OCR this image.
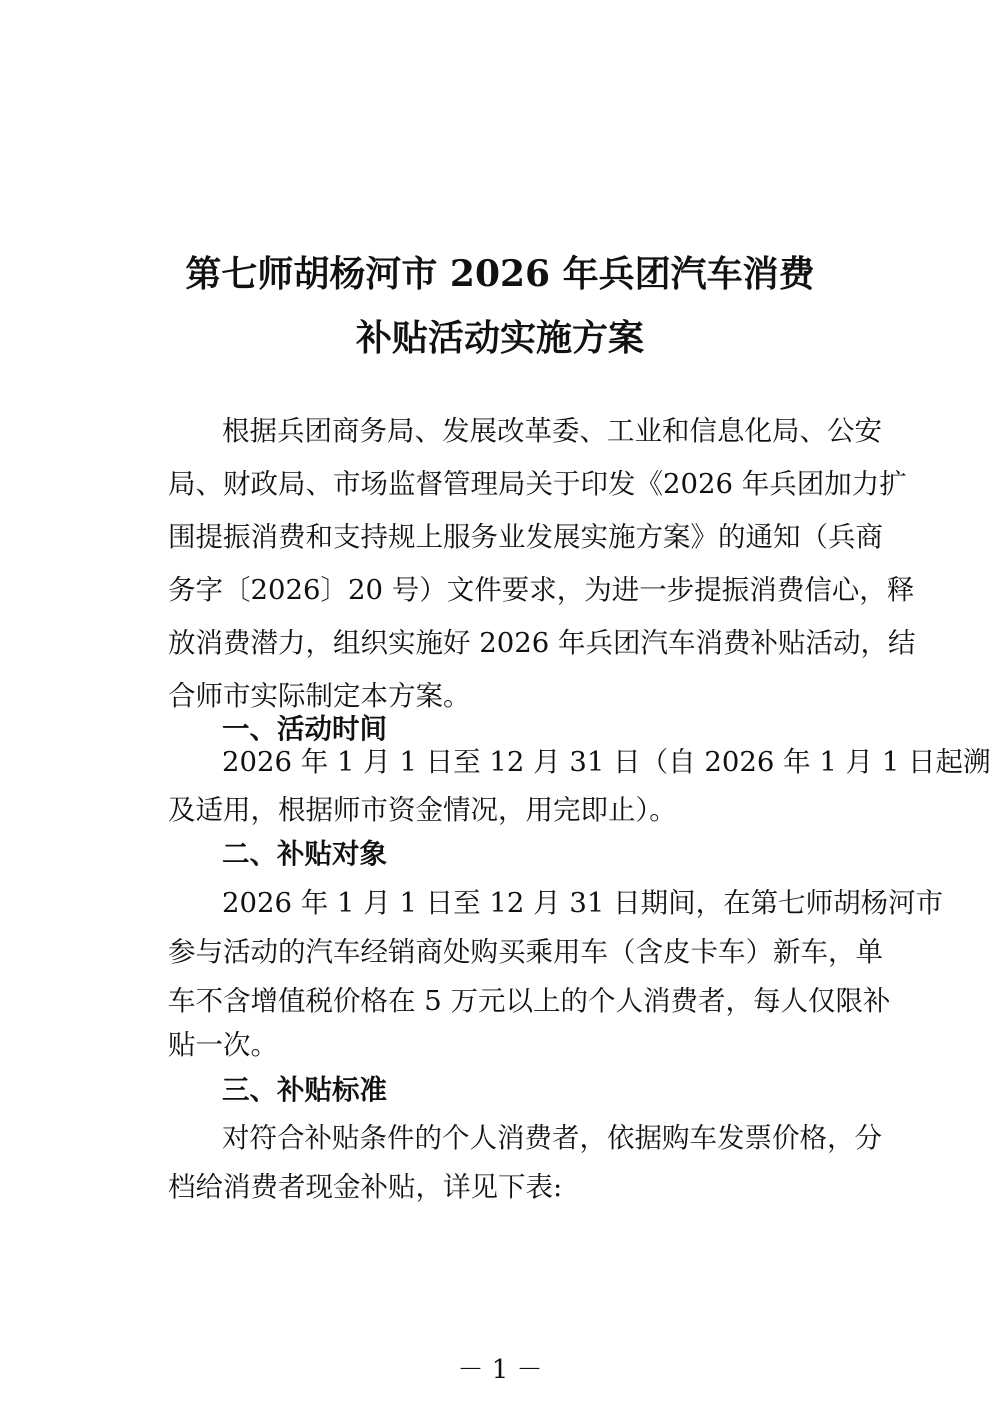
第七师胡杨河市 2026 年兵团汽车消费
补贴活动实施方案
－ 1 －
根据兵团商务局、发展改革委、工业和信息化局、公安
局、财政局、市场监督管理局关于印发《2026 年兵团加力扩
围提振消费和支持规上服务业发展实施方案》的通知（兵商
务字〔2026〕20 号）文件要求，为进一步提振消费信心，释
放消费潜力，组织实施好 2026 年兵团汽车消费补贴活动，结
合师市实际制定本方案。
一、活动时间
2026 年 1 月 1 日至 12 月 31 日（自 2026 年 1 月 1 日起溯
及适用，根据师市资金情况，用完即止）。
二、补贴对象
2026 年 1 月 1 日至 12 月 31 日期间，在第七师胡杨河市
参与活动的汽车经销商处购买乘用车（含皮卡车）新车，单
车不含增值税价格在 5 万元以上的个人消费者，每人仅限补
贴一次。
三、补贴标准
对符合补贴条件的个人消费者，依据购车发票价格，分
档给消费者现金补贴，详见下表:
